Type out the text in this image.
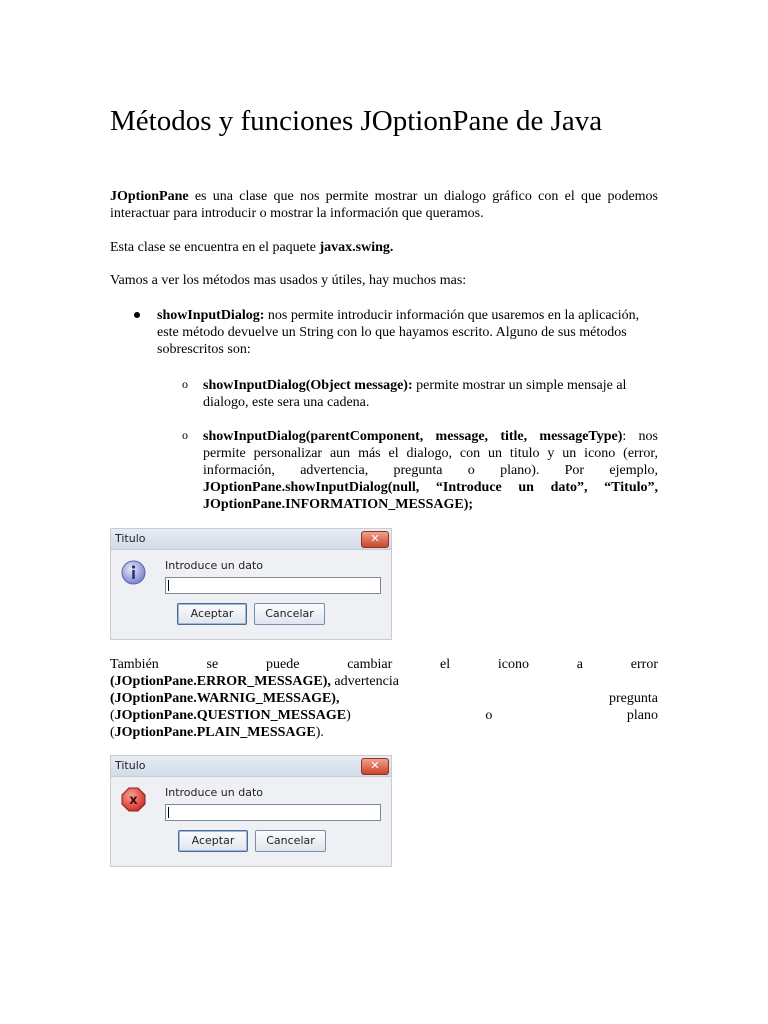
Métodos y funciones JOptionPane de Java

JOptionPane es una clase que nos permite mostrar un dialogo gráfico con el que podemos interactuar para introducir o mostrar la información que queramos.

Esta clase se encuentra en el paquete javax.swing.

Vamos a ver los métodos mas usados y útiles, hay muchos mas:

showInputDialog: nos permite introducir información que usaremos en la aplicación, este método devuelve un String con lo que hayamos escrito. Alguno de sus métodos sobrescritos son:

o showInputDialog(Object message): permite mostrar un simple mensaje al dialogo, este sera una cadena.

o showInputDialog(parentComponent, message, title, messageType): nos permite personalizar aun más el dialogo, con un titulo y un icono (error, información, advertencia, pregunta o plano). Por ejemplo, JOptionPane.showInputDialog(null, “Introduce un dato”, “Titulo”, JOptionPane.INFORMATION_MESSAGE);

Titulo	✕
Introduce un dato
Aceptar	Cancelar
También	se	puede	cambiar	el	icono	a	error

(JOptionPane.ERROR_MESSAGE), advertencia

(JOptionPane.WARNIG_MESSAGE),	pregunta
(JOptionPane.QUESTION_MESSAGE)	o	plano

(JOptionPane.PLAIN_MESSAGE).

Titulo	✕
x
Introduce un dato
Aceptar	Cancelar
